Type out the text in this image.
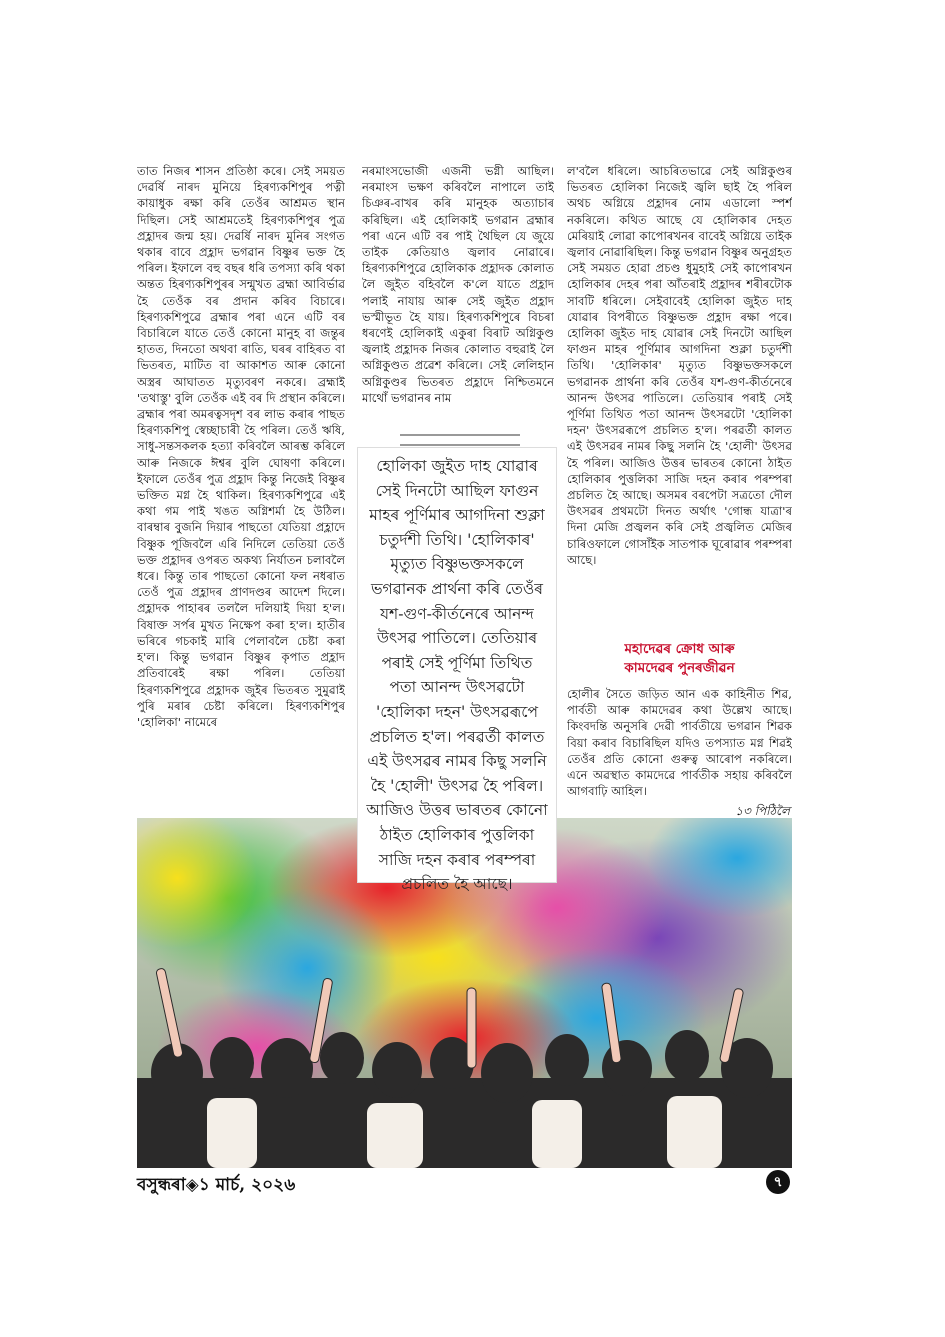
তাত নিজৰ শাসন প্ৰতিষ্ঠা কৰে। সেই সময়ত দেৱৰ্ষি নাৰদ মুনিয়ে হিৰণ্যকশিপুৰ পত্নী কায়াধুক ৰক্ষা কৰি তেওঁৰ আশ্ৰমত স্থান দিছিল। সেই আশ্ৰমতেই হিৰণ্যকশিপুৰ পুত্ৰ প্ৰহ্লাদৰ জন্ম হয়। দেৱৰ্ষি নাৰদ মুনিৰ সংগত থকাৰ বাবে প্ৰহ্লাদ ভগৱান বিষ্ণুৰ ভক্ত হৈ পৰিল। ইফালে বহু বছৰ ধৰি তপস্যা কৰি থকা অন্তত হিৰণ্যকশিপুৰৰ সন্মুখত ব্ৰহ্মা আবিৰ্ভাৱ হৈ তেওঁক বৰ প্ৰদান কৰিব বিচাৰে। হিৰণ্যকশিপুৱে ব্ৰহ্মাৰ পৰা এনে এটি বৰ বিচাৰিলে যাতে তেওঁ কোনো মানুহ বা জন্তুৰ হাতত, দিনতো অথবা ৰাতি, ঘৰৰ বাহিৰত বা ভিতৰত, মাটিত বা আকাশত আৰু কোনো অস্ত্ৰৰ আঘাতত মৃত্যুবৰণ নকৰে। ব্ৰহ্মাই 'তথাস্তু' বুলি তেওঁক এই বৰ দি প্ৰস্থান কৰিলে। ব্ৰহ্মাৰ পৰা অমৰত্বসদৃশ বৰ লাভ কৰাৰ পাছত হিৰণ্যকশিপু স্বেচ্ছাচাৰী হৈ পৰিল। তেওঁ ঋষি, সাধু-সন্তসকলক হত্যা কৰিবলৈ আৰম্ভ কৰিলে আৰু নিজকে ঈশ্বৰ বুলি ঘোষণা কৰিলে। ইফালে তেওঁৰ পুত্ৰ প্ৰহ্লাদ কিন্তু নিজেই বিষ্ণুৰ ভক্তিত মগ্ন হৈ থাকিল। হিৰণ্যকশিপুৱে এই কথা গম পাই খঙত অগ্নিশৰ্মা হৈ উঠিল। বাৰম্বাৰ বুজনি দিয়াৰ পাছতো যেতিয়া প্ৰহ্লাদে বিষ্ণুক পূজিবলৈ এৰি নিদিলে তেতিয়া তেওঁ ভক্ত প্ৰহ্লাদৰ ওপৰত অকথ্য নিৰ্যাতন চলাবলৈ ধৰে। কিন্তু তাৰ পাছতো কোনো ফল নধৰাত তেওঁ পুত্ৰ প্ৰহ্লাদৰ প্ৰাণদণ্ডৰ আদেশ দিলে। প্ৰহ্লাদক পাহাৰৰ তললৈ দলিয়াই দিয়া হ'ল। বিষাক্ত সৰ্পৰ মুখত নিক্ষেপ কৰা হ'ল। হাতীৰ ভৰিৰে গচকাই মাৰি পেলাবলৈ চেষ্টা কৰা হ'ল। কিন্তু ভগৱান বিষ্ণুৰ কৃপাত প্ৰহ্লাদ প্ৰতিবাৰেই ৰক্ষা পৰিল। তেতিয়া হিৰণ্যকশিপুৱে প্ৰহ্লাদক জুইৰ ভিতৰত সুমুৱাই পুৰি মৰাৰ চেষ্টা কৰিলে। হিৰণ্যকশিপুৰ 'হোলিকা' নামেৰে

নৰমাংসভোজী এজনী ভগ্নী আছিল। নৰমাংস ভক্ষণ কৰিবলৈ নাপালে তাই চিঞৰ-বাখৰ কৰি মানুহক অত্যাচাৰ কৰিছিল। এই হোলিকাই ভগৱান ব্ৰহ্মাৰ পৰা এনে এটি বৰ পাই থৈছিল যে জুয়ে তাইক কেতিয়াও জ্বলাব নোৱাৰে। হিৰণ্যকশিপুৱে হোলিকাক প্ৰহ্লাদক কোলাত লৈ জুইত বহিবলৈ ক'লে যাতে প্ৰহ্লাদ পলাই নাযায় আৰু সেই জুইত প্ৰহ্লাদ ভস্মীভূত হৈ যায়। হিৰণ্যকশিপুৰে বিচৰা ধৰণেই হোলিকাই একুৰা বিৰাট অগ্নিকুণ্ড জ্বলাই প্ৰহ্লাদক নিজৰ কোলাত বহুৱাই লৈ অগ্নিকুণ্ডত প্ৰৱেশ কৰিলে। সেই লেলিহান অগ্নিকুণ্ডৰ ভিতৰত প্ৰহ্লাদে নিশ্চিতমনে মাথোঁ ভগৱানৰ নাম

ল'বলৈ ধৰিলে। আচৰিতভাৱে সেই অগ্নিকুণ্ডৰ ভিতৰত হোলিকা নিজেই জ্বলি ছাই হৈ পৰিল অথচ অগ্নিয়ে প্ৰহ্লাদৰ নোম এডালো স্পৰ্শ নকৰিলে। কথিত আছে যে হোলিকাৰ দেহত মেৰিয়াই লোৱা কাপোৰখনৰ বাবেই অগ্নিয়ে তাইক জ্বলাব নোৱাৰিছিল। কিন্তু ভগৱান বিষ্ণুৰ অনুগ্ৰহত সেই সময়ত হোৱা প্ৰচণ্ড ধুমুহাই সেই কাপোৰখন হোলিকাৰ দেহৰ পৰা আঁতৰাই প্ৰহ্লাদৰ শৰীৰটোক সাবটি ধৰিলে। সেইবাবেই হোলিকা জুইত দাহ যোৱাৰ বিপৰীতে বিষ্ণুভক্ত প্ৰহ্লাদ ৰক্ষা পৰে। হোলিকা জুইত দাহ যোৱাৰ সেই দিনটো আছিল ফাগুন মাহৰ পূৰ্ণিমাৰ আগদিনা শুক্লা চতুৰ্দশী তিথি। 'হোলিকাৰ' মৃত্যুত বিষ্ণুভক্তসকলে ভগৱানক প্ৰাৰ্থনা কৰি তেওঁৰ যশ-গুণ-কীৰ্তনেৰে আনন্দ উৎসৱ পাতিলে। তেতিয়াৰ পৰাই সেই পূৰ্ণিমা তিথিত পতা আনন্দ উৎসৱটো 'হোলিকা দহন' উৎসৱৰূপে প্ৰচলিত হ'ল। পৰৱৰ্তী কালত এই উৎসৱৰ নামৰ কিছু সলনি হৈ 'হোলী' উৎসৱ হৈ পৰিল। আজিও উত্তৰ ভাৰতৰ কোনো ঠাইত হোলিকাৰ পুত্তলিকা সাজি দহন কৰাৰ পৰম্পৰা প্ৰচলিত হৈ আছে। অসমৰ বৰপেটা সত্ৰতো দৌল উৎসৱৰ প্ৰথমটো দিনত অৰ্থাৎ 'গোন্ধ যাত্ৰা'ৰ দিনা মেজি প্ৰজ্বলন কৰি সেই প্ৰজ্বলিত মেজিৰ চাৰিওফালে গোসাঁইক সাতপাক ঘূৰোৱাৰ পৰম্পৰা আছে।

হোলিকা জুইত দাহ যোৱাৰ সেই দিনটো আছিল ফাগুন মাহৰ পূৰ্ণিমাৰ আগদিনা শুক্লা চতুৰ্দশী তিথি। 'হোলিকাৰ' মৃত্যুত বিষ্ণুভক্তসকলে ভগৱানক প্ৰাৰ্থনা কৰি তেওঁৰ যশ-গুণ-কীৰ্তনেৰে আনন্দ উৎসৱ পাতিলে। তেতিয়াৰ পৰাই সেই পূৰ্ণিমা তিথিত পতা আনন্দ উৎসৱটো 'হোলিকা দহন' উৎসৱৰূপে প্ৰচলিত হ'ল। পৰৱৰ্তী কালত এই উৎসৱৰ নামৰ কিছু সলনি হৈ 'হোলী' উৎসৱ হৈ পৰিল। আজিও উত্তৰ ভাৰতৰ কোনো ঠাইত হোলিকাৰ পুত্তলিকা সাজি দহন কৰাৰ পৰম্পৰা প্ৰচলিত হৈ আছে।
মহাদেৱৰ ক্ৰোধ আৰু
কামদেৱৰ পুনৰজীৱন

হোলীৰ সৈতে জড়িত আন এক কাহিনীত শিৱ, পাৰ্বতী আৰু কামদেৱৰ কথা উল্লেখ আছে। কিংবদন্তি অনুসৰি দেৱী পাৰ্বতীয়ে ভগৱান শিৱক বিয়া কৰাব বিচাৰিছিল যদিও তপস্যাত মগ্ন শিৱই তেওঁৰ প্ৰতি কোনো গুৰুত্ব আৰোপ নকৰিলে। এনে অৱস্থাত কামদেৱে পাৰ্বতীক সহায় কৰিবলৈ আগবাঢ়ি আহিল।

১৩ পিঠিলৈ
বসুন্ধৰা◈১ মাৰ্চ, ২০২৬	৭
